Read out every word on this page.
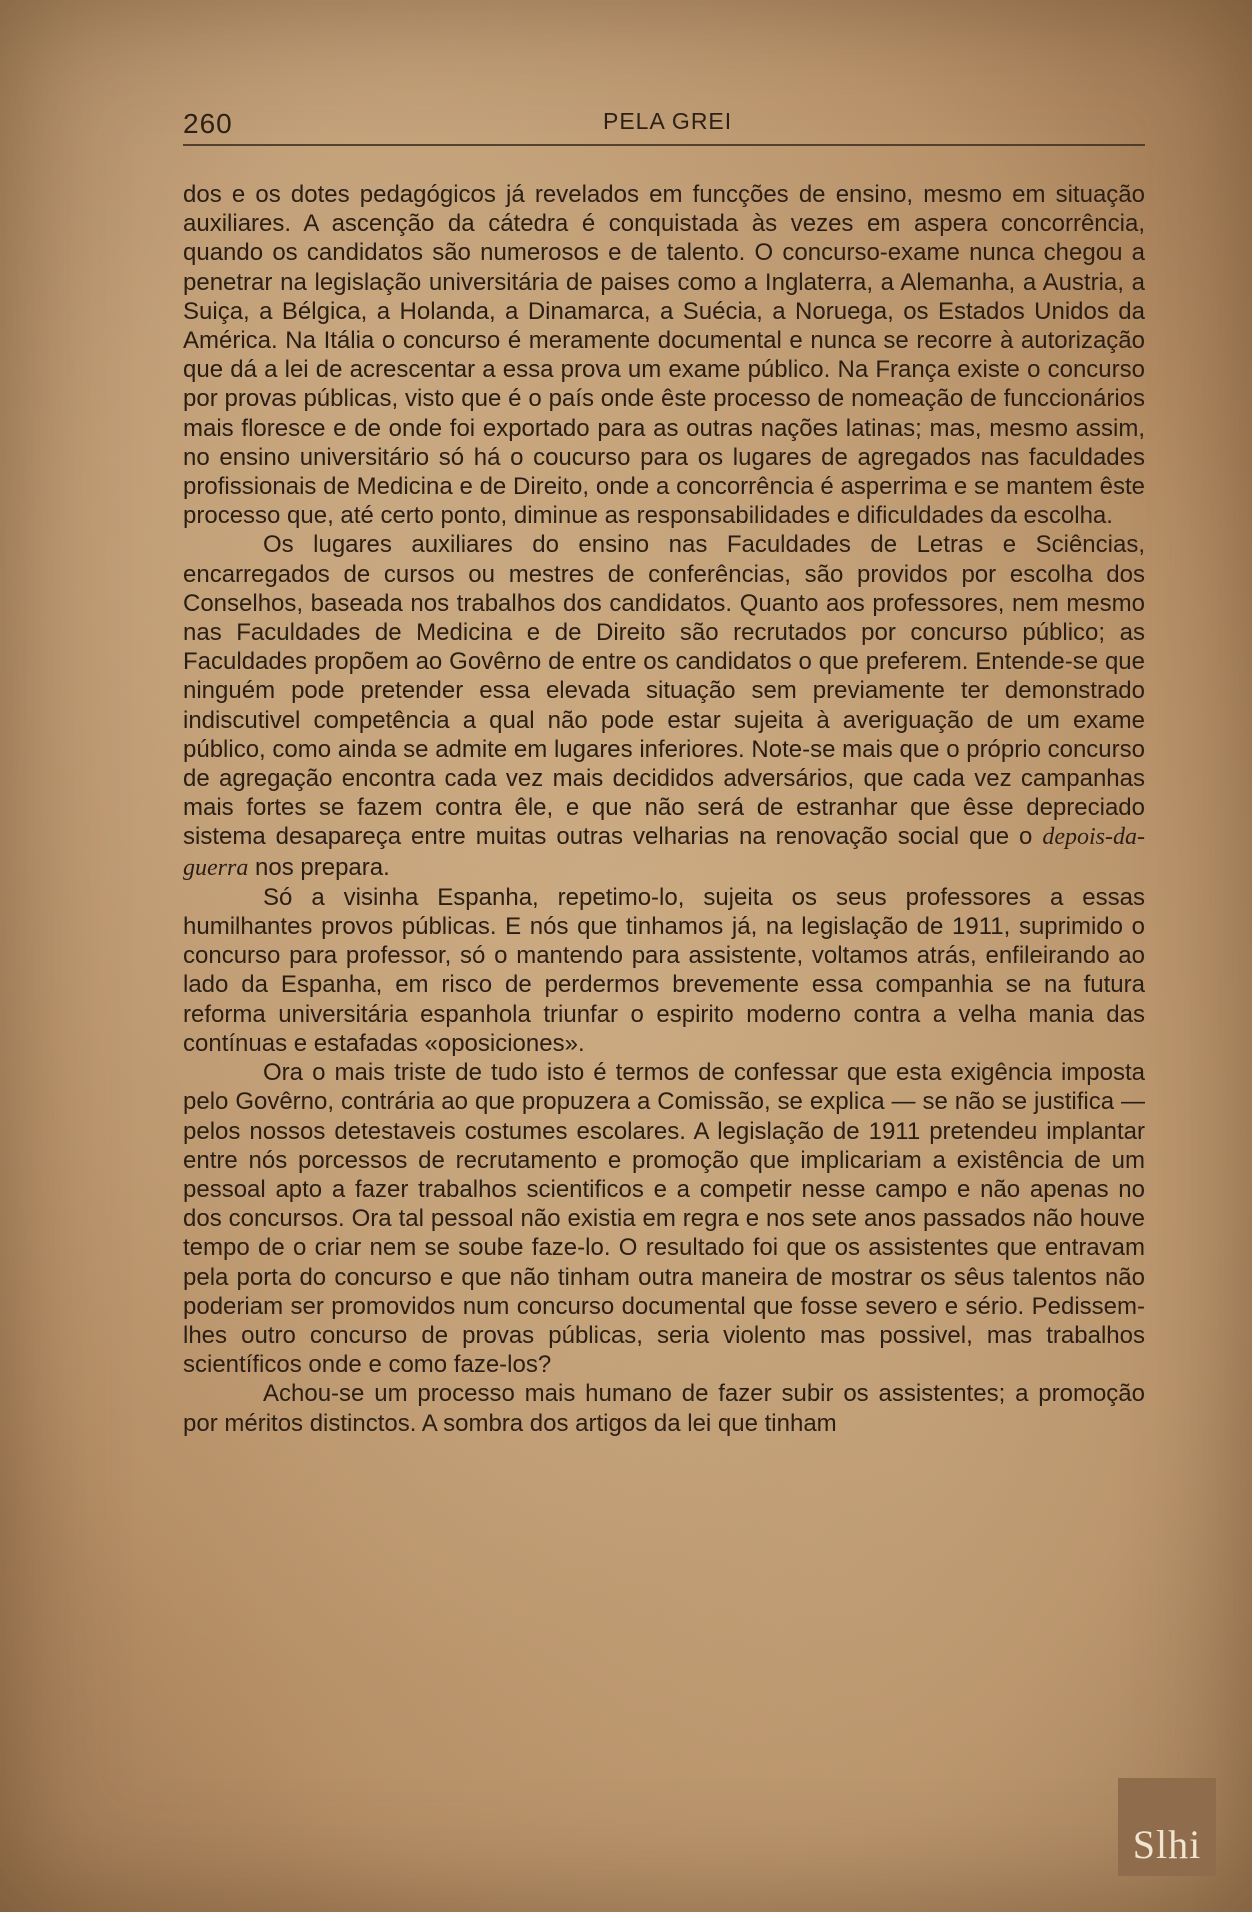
260	PELA GREI

dos e os dotes pedagógicos já revelados em funcções de ensino, mesmo em situação auxiliares. A ascenção da cátedra é conquistada às vezes em aspera concorrência, quando os candidatos são numerosos e de talento. O concurso-exame nunca chegou a penetrar na legislação universitária de paises como a Inglaterra, a Alemanha, a Austria, a Suiça, a Bélgica, a Holanda, a Dinamarca, a Suécia, a Noruega, os Estados Unidos da América. Na Itália o concurso é meramente documental e nunca se recorre à autorização que dá a lei de acrescentar a essa prova um exame público. Na França existe o concurso por provas públicas, visto que é o país onde êste processo de nomeação de funccionários mais floresce e de onde foi exportado para as outras nações latinas; mas, mesmo assim, no ensino universitário só há o coucurso para os lugares de agregados nas faculdades profissionais de Medicina e de Direito, onde a concorrência é asperrima e se mantem êste processo que, até certo ponto, diminue as responsabilidades e dificuldades da escolha.

Os lugares auxiliares do ensino nas Faculdades de Letras e Sciências, encarregados de cursos ou mestres de conferências, são providos por escolha dos Conselhos, baseada nos trabalhos dos candidatos. Quanto aos professores, nem mesmo nas Faculdades de Medicina e de Direito são recrutados por concurso público; as Faculdades propõem ao Govêrno de entre os candidatos o que preferem. Entende-se que ninguém pode pretender essa elevada situação sem previamente ter demonstrado indiscutivel competência a qual não pode estar sujeita à averiguação de um exame público, como ainda se admite em lugares inferiores. Note-se mais que o próprio concurso de agregação encontra cada vez mais decididos adversários, que cada vez campanhas mais fortes se fazem contra êle, e que não será de estranhar que êsse depreciado sistema desapareça entre muitas outras velharias na renovação social que o depois-da-guerra nos prepara.

Só a visinha Espanha, repetimo-lo, sujeita os seus professores a essas humilhantes provos públicas. E nós que tinhamos já, na legislação de 1911, suprimido o concurso para professor, só o mantendo para assistente, voltamos atrás, enfileirando ao lado da Espanha, em risco de perdermos brevemente essa companhia se na futura reforma universitária espanhola triunfar o espirito moderno contra a velha mania das contínuas e estafadas «oposiciones».

Ora o mais triste de tudo isto é termos de confessar que esta exigência imposta pelo Govêrno, contrária ao que propuzera a Comissão, se explica — se não se justifica — pelos nossos detestaveis costumes escolares. A legislação de 1911 pretendeu implantar entre nós porcessos de recrutamento e promoção que implicariam a existência de um pessoal apto a fazer trabalhos scientificos e a competir nesse campo e não apenas no dos concursos. Ora tal pessoal não existia em regra e nos sete anos passados não houve tempo de o criar nem se soube faze-lo. O resultado foi que os assistentes que entravam pela porta do concurso e que não tinham outra maneira de mostrar os sêus talentos não poderiam ser promovidos num concurso documental que fosse severo e sério. Pedissem-lhes outro concurso de provas públicas, seria violento mas possivel, mas trabalhos scientíficos onde e como faze-los?

Achou-se um processo mais humano de fazer subir os assistentes; a promoção por méritos distinctos. A sombra dos artigos da lei que tinham

Slhi
